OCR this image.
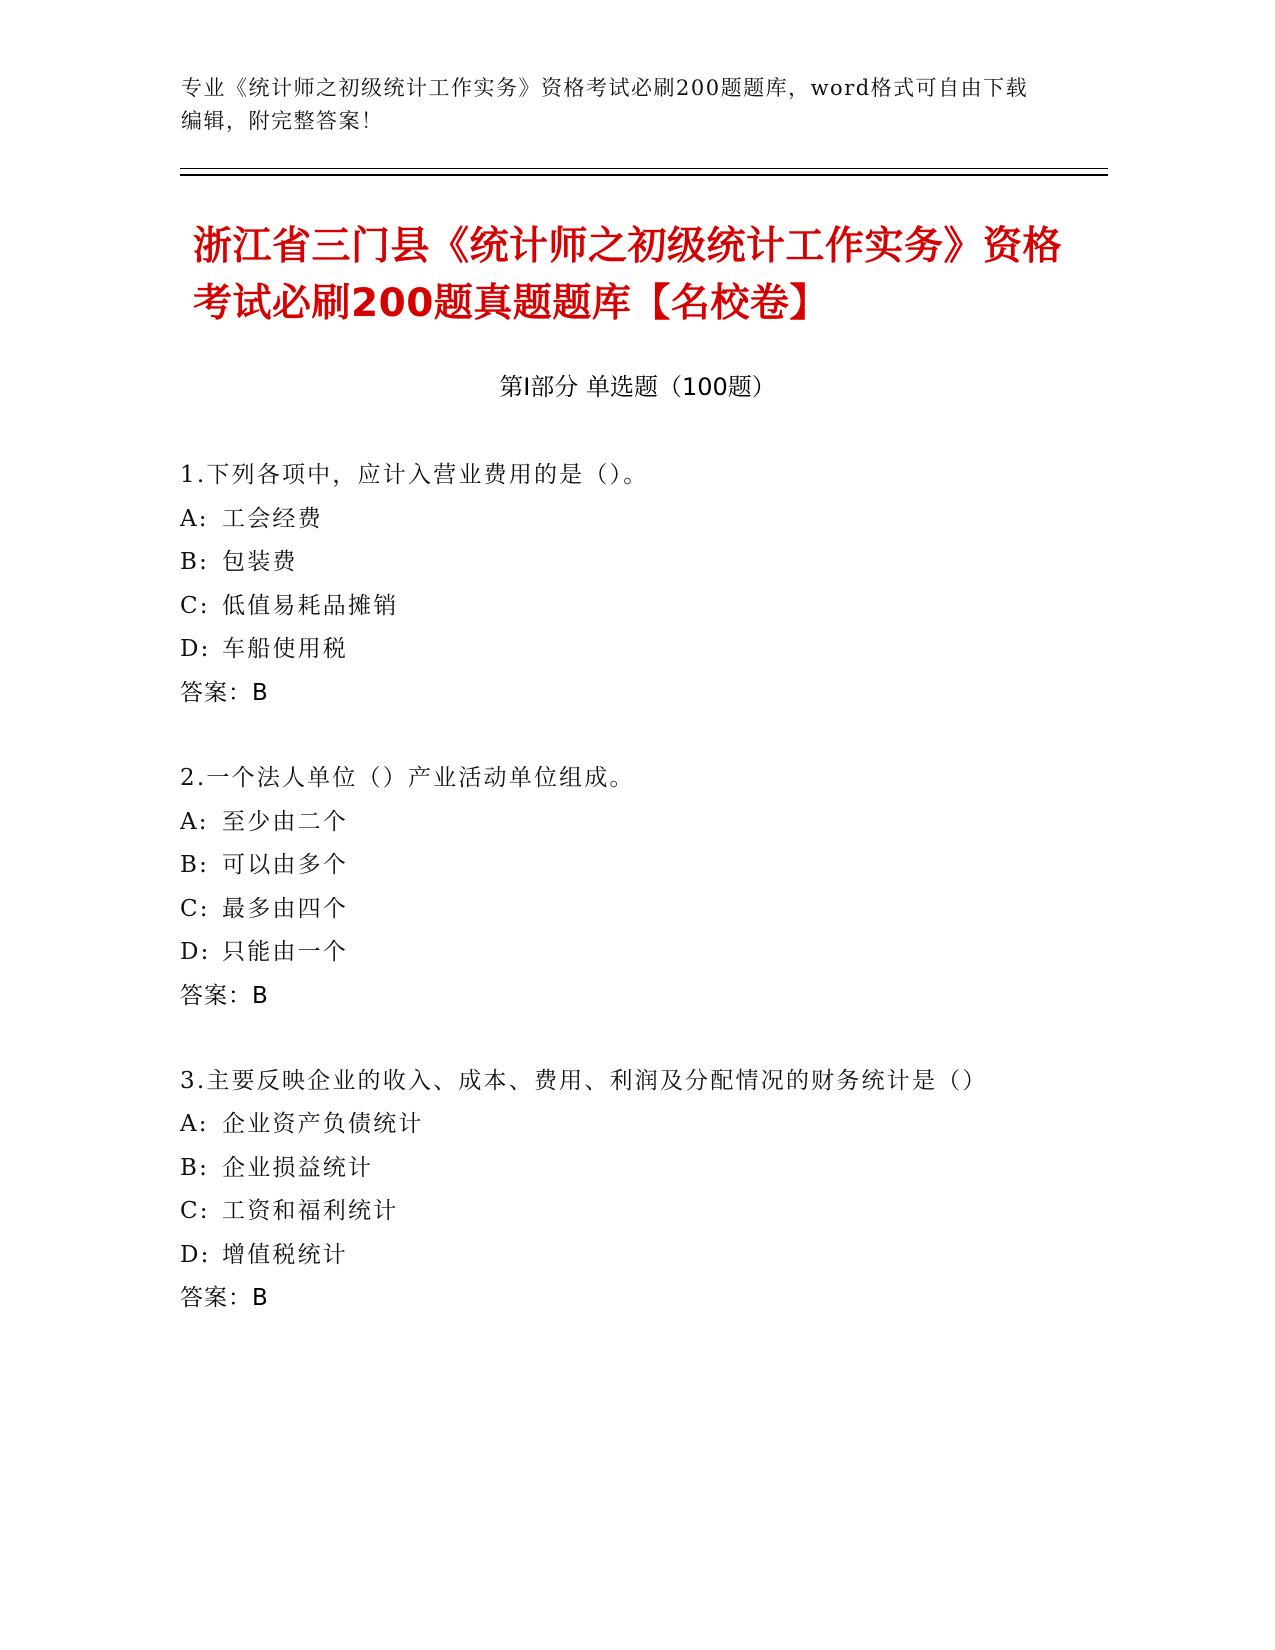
专业《统计师之初级统计工作实务》资格考试必刷200题题库，word格式可自由下载编辑，附完整答案！
浙江省三门县《统计师之初级统计工作实务》资格考试必刷200题真题题库【名校卷】
第I部分 单选题（100题）
1.下列各项中，应计入营业费用的是（）。
A: 工会经费
B: 包装费
C: 低值易耗品摊销
D: 车船使用税
答案：B
2.一个法人单位（）产业活动单位组成。
A: 至少由二个
B: 可以由多个
C: 最多由四个
D: 只能由一个
答案：B
3.主要反映企业的收入、成本、费用、利润及分配情况的财务统计是（）
A: 企业资产负债统计
B: 企业损益统计
C: 工资和福利统计
D: 增值税统计
答案：B
